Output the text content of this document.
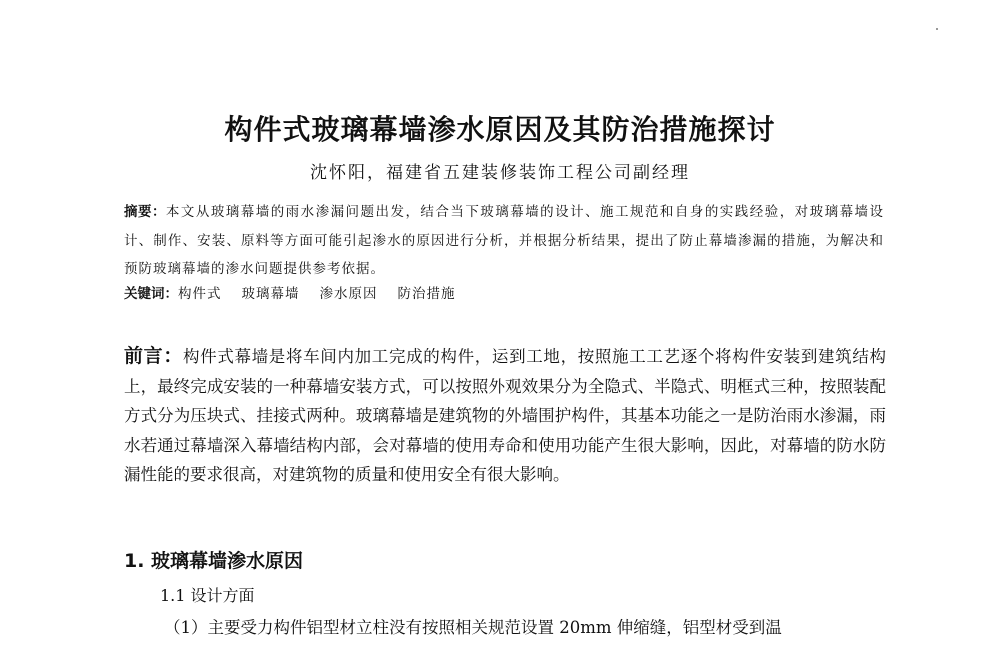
构件式玻璃幕墙渗水原因及其防治措施探讨

沈怀阳，福建省五建装修装饰工程公司副经理

摘要：本文从玻璃幕墙的雨水渗漏问题出发，结合当下玻璃幕墙的设计、施工规范和自身的实践经验，对玻璃幕墙设计、制作、安装、原料等方面可能引起渗水的原因进行分析，并根据分析结果，提出了防止幕墙渗漏的措施，为解决和预防玻璃幕墙的渗水问题提供参考依据。

关键词：构件式 玻璃幕墙 渗水原因 防治措施

前言：构件式幕墙是将车间内加工完成的构件，运到工地，按照施工工艺逐个将构件安装到建筑结构上，最终完成安装的一种幕墙安装方式，可以按照外观效果分为全隐式、半隐式、明框式三种，按照装配方式分为压块式、挂接式两种。玻璃幕墙是建筑物的外墙围护构件，其基本功能之一是防治雨水渗漏，雨水若通过幕墙深入幕墙结构内部，会对幕墙的使用寿命和使用功能产生很大影响，因此，对幕墙的防水防漏性能的要求很高，对建筑物的质量和使用安全有很大影响。

1. 玻璃幕墙渗水原因

1.1 设计方面

（1）主要受力构件铝型材立柱没有按照相关规范设置 20mm 伸缩缝，铝型材受到温
